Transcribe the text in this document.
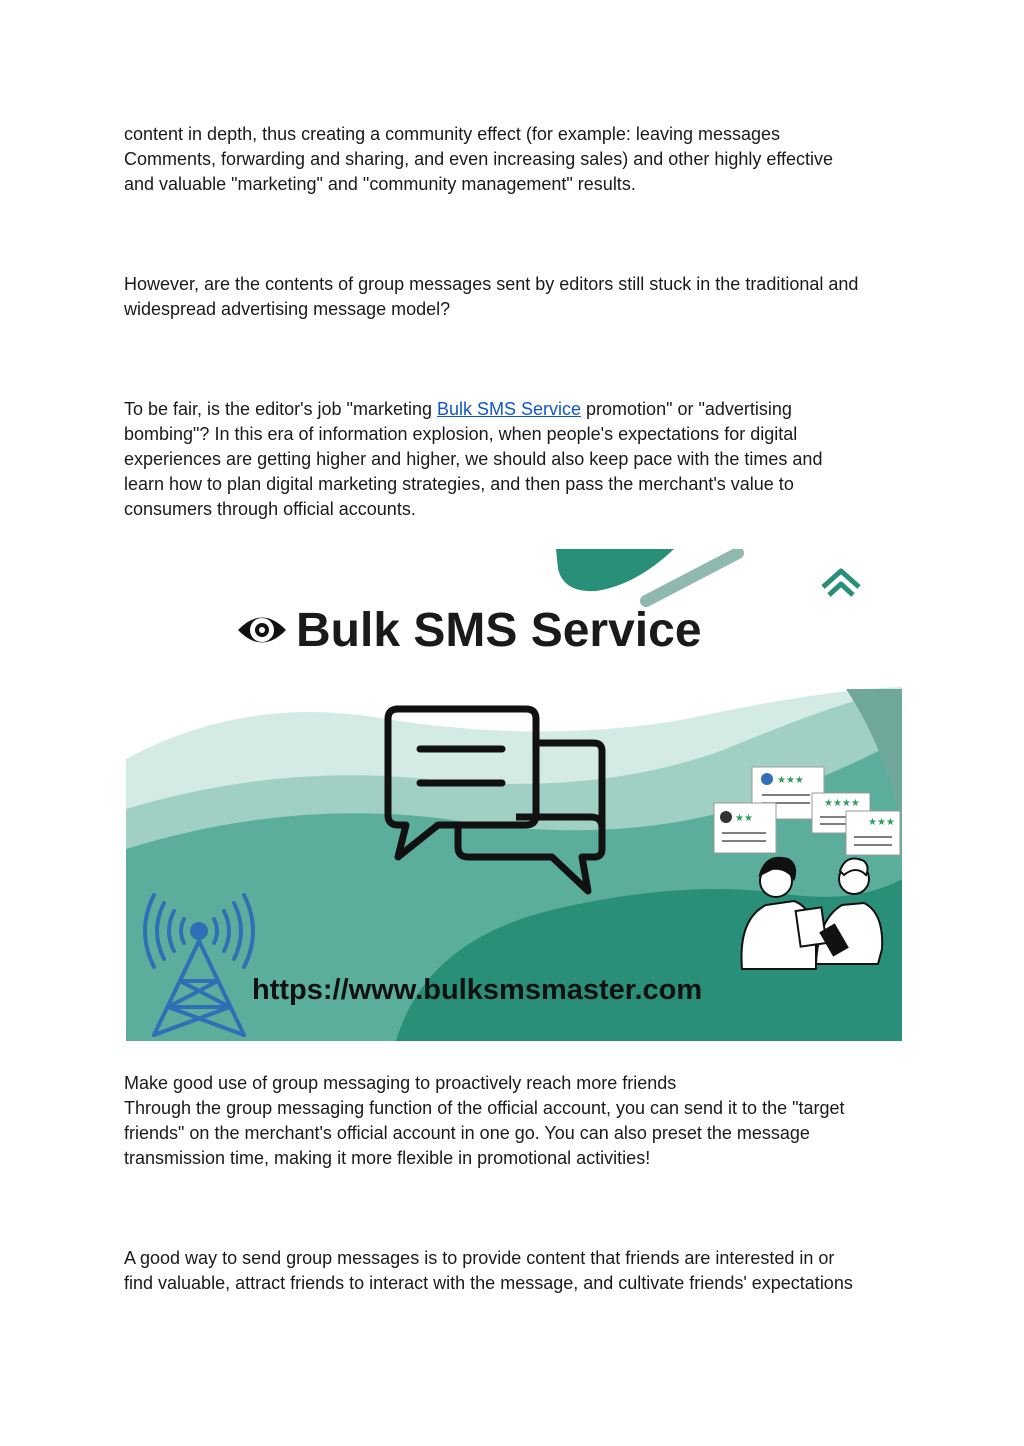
content in depth, thus creating a community effect (for example: leaving messages
Comments, forwarding and sharing, and even increasing sales) and other highly effective
and valuable "marketing" and "community management" results.

However, are the contents of group messages sent by editors still stuck in the traditional and
widespread advertising message model?

To be fair, is the editor's job "marketing Bulk SMS Service promotion" or "advertising
bombing"? In this era of information explosion, when people's expectations for digital
experiences are getting higher and higher, we should also keep pace with the times and
learn how to plan digital marketing strategies, and then pass the merchant's value to
consumers through official accounts.

Bulk SMS Service
★★★
★★★★
★★	★★★
https://www.bulksmsmaster.com

Make good use of group messaging to proactively reach more friends
Through the group messaging function of the official account, you can send it to the "target
friends" on the merchant's official account in one go. You can also preset the message
transmission time, making it more flexible in promotional activities!

A good way to send group messages is to provide content that friends are interested in or
find valuable, attract friends to interact with the message, and cultivate friends' expectations
